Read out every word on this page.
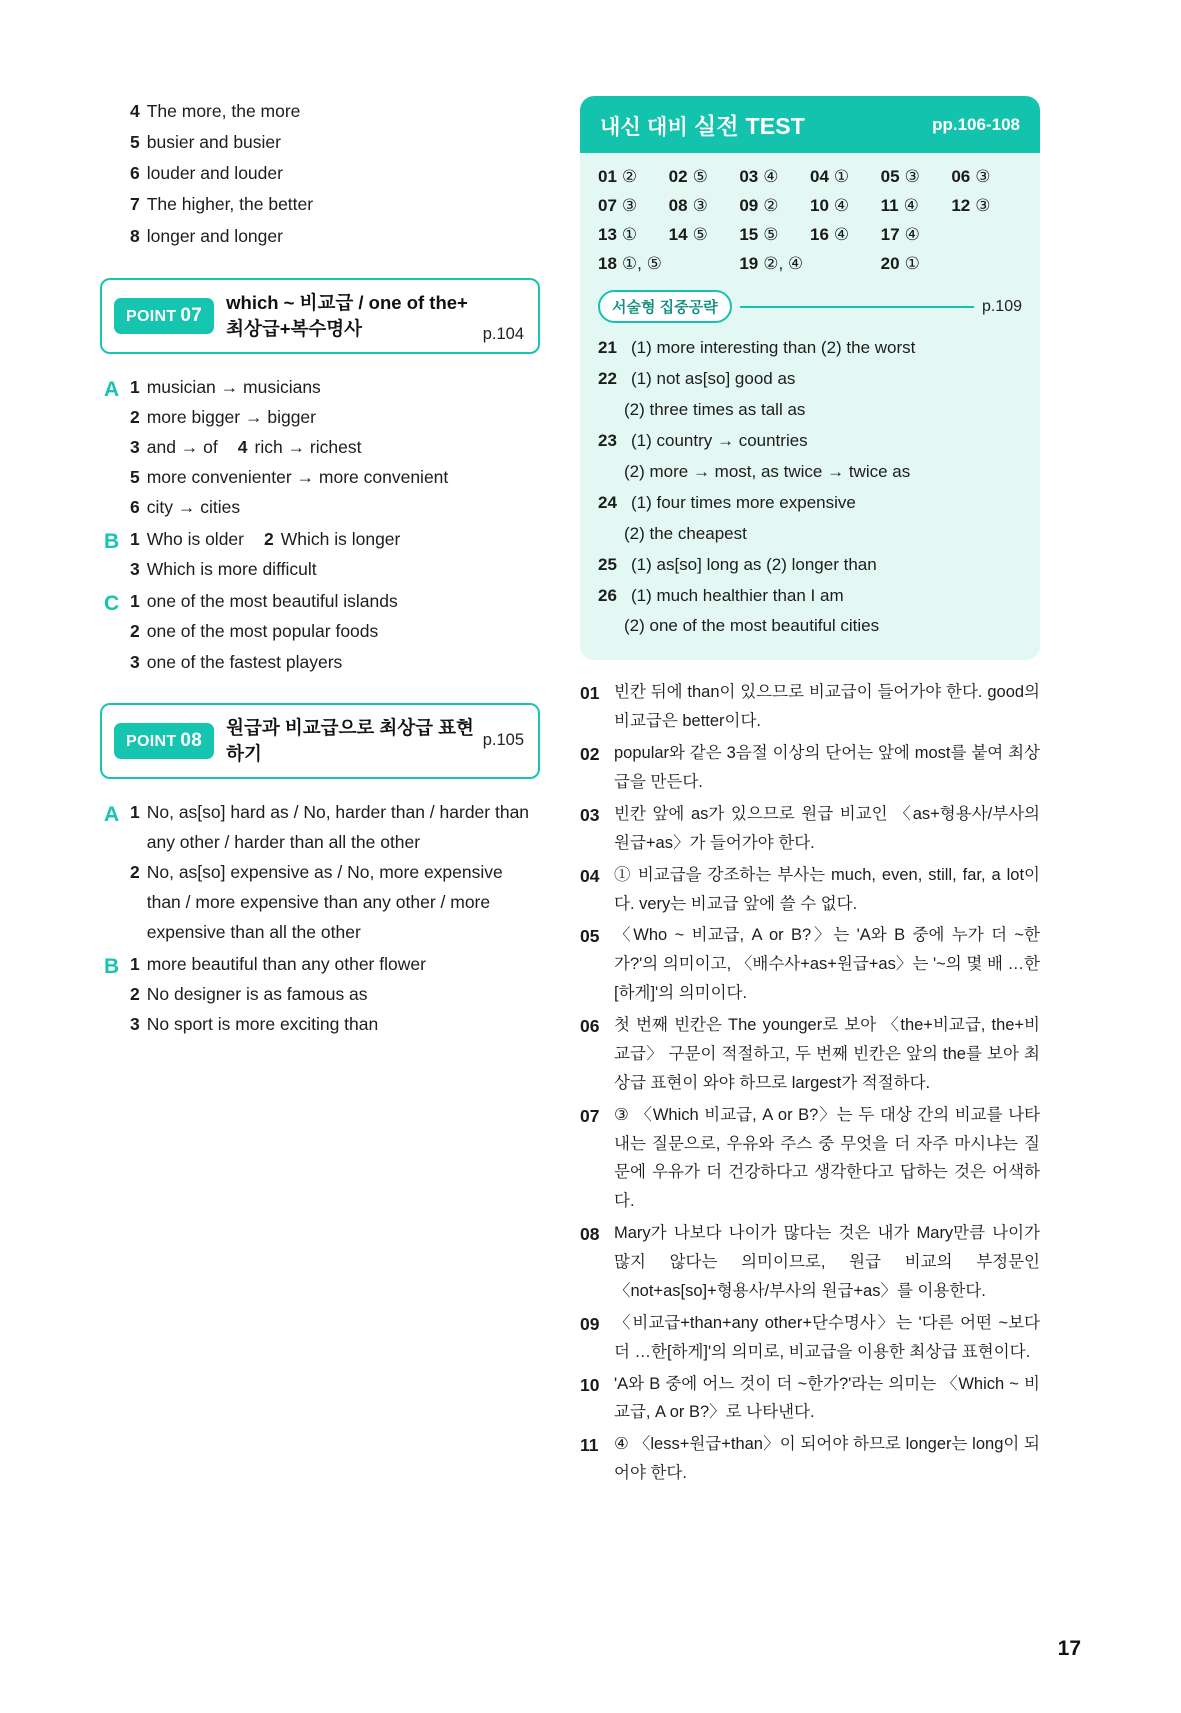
4 The more, the more
5 busier and busier
6 louder and louder
7 The higher, the better
8 longer and longer
POINT 07
which ~ 비교급 / one of the+ 최상급+복수명사	p.104
A 1 musician → musicians
2 more bigger → bigger
3 and → of 4 rich → richest
5 more convenienter → more convenient
6 city → cities
B 1 Who is older 2 Which is longer
3 Which is more difficult
C 1 one of the most beautiful islands
2 one of the most popular foods
3 one of the fastest players
POINT 08
원급과 비교급으로 최상급 표현하기
p.105
A 1 No, as[so] hard as / No, harder than / harder than any other / harder than all the other
2 No, as[so] expensive as / No, more expensive than / more expensive than any other / more expensive than all the other
B 1 more beautiful than any other flower
2 No designer is as famous as
3 No sport is more exciting than
내신 대비 실전 TEST	pp.106-108
01 ②	02 ⑤	03 ④	04 ①	05 ③	06 ③
07 ③	08 ③	09 ②	10 ④	11 ④	12 ③
13 ①	14 ⑤	15 ⑤	16 ④	17 ④
18 ①, ⑤	19 ②, ④	20 ①
서술형 집중공략	p.109
21 (1) more interesting than (2) the worst
22 (1) not as[so] good as
(2) three times as tall as
23 (1) country → countries
(2) more → most, as twice → twice as
24 (1) four times more expensive
(2) the cheapest
25 (1) as[so] long as (2) longer than
26 (1) much healthier than I am
(2) one of the most beautiful cities
01 빈칸 뒤에 than이 있으므로 비교급이 들어가야 한다. good의 비교급은 better이다.
02 popular와 같은 3음절 이상의 단어는 앞에 most를 붙여 최상급을 만든다.
03 빈칸 앞에 as가 있으므로 원급 비교인 〈as+형용사/부사의 원급+as〉가 들어가야 한다.
04 ① 비교급을 강조하는 부사는 much, even, still, far, a lot이다. very는 비교급 앞에 쓸 수 없다.
05 〈Who ~ 비교급, A or B?〉는 'A와 B 중에 누가 더 ~한가?'의 의미이고, 〈배수사+as+원급+as〉는 '~의 몇 배 …한[하게]'의 의미이다.
06 첫 번째 빈칸은 The younger로 보아 〈the+비교급, the+비교급〉 구문이 적절하고, 두 번째 빈칸은 앞의 the를 보아 최상급 표현이 와야 하므로 largest가 적절하다.
07 ③ 〈Which 비교급, A or B?〉는 두 대상 간의 비교를 나타내는 질문으로, 우유와 주스 중 무엇을 더 자주 마시냐는 질문에 우유가 더 건강하다고 생각한다고 답하는 것은 어색하다.
08 Mary가 나보다 나이가 많다는 것은 내가 Mary만큼 나이가 많지 않다는 의미이므로, 원급 비교의 부정문인 〈not+as[so]+형용사/부사의 원급+as〉를 이용한다.
09 〈비교급+than+any other+단수명사〉는 '다른 어떤 ~보다 더 …한[하게]'의 의미로, 비교급을 이용한 최상급 표현이다.
10 'A와 B 중에 어느 것이 더 ~한가?'라는 의미는 〈Which ~ 비교급, A or B?〉로 나타낸다.
11 ④ 〈less+원급+than〉이 되어야 하므로 longer는 long이 되어야 한다.
17
